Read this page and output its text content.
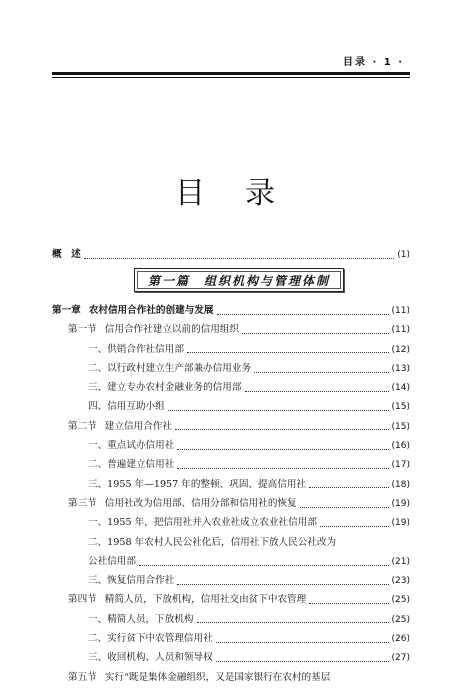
目录 · 1 ·
目录
概　述	(1)
第一篇　组织机构与管理体制
第一章 农村信用合作社的创建与发展	(11)
第一节 信用合作社建立以前的信用组织	(11)
一、供销合作社信用部	(12)
二、以行政村建立生产部兼办信用业务	(13)
三、建立专办农村金融业务的信用部	(14)
四、信用互助小组	(15)
第二节 建立信用合作社	(15)
一、重点试办信用社	(16)
二、普遍建立信用社	(17)
三、1955 年—1957 年的整顿、巩固、提高信用社	(18)
第三节 信用社改为信用部、信用分部和信用社的恢复	(19)
一、1955 年，把信用社并入农业社成立农业社信用部	(19)
二、1958 年农村人民公社化后，信用社下放人民公社改为
公社信用部	(21)
三、恢复信用合作社	(23)
第四节 精简人员，下放机构，信用社交由贫下中农管理	(25)
一、精简人员，下放机构	(25)
二、实行贫下中农管理信用社	(26)
三、收回机构、人员和领导权	(27)
第五节 实行“既是集体金融组织，又是国家银行在农村的基层
